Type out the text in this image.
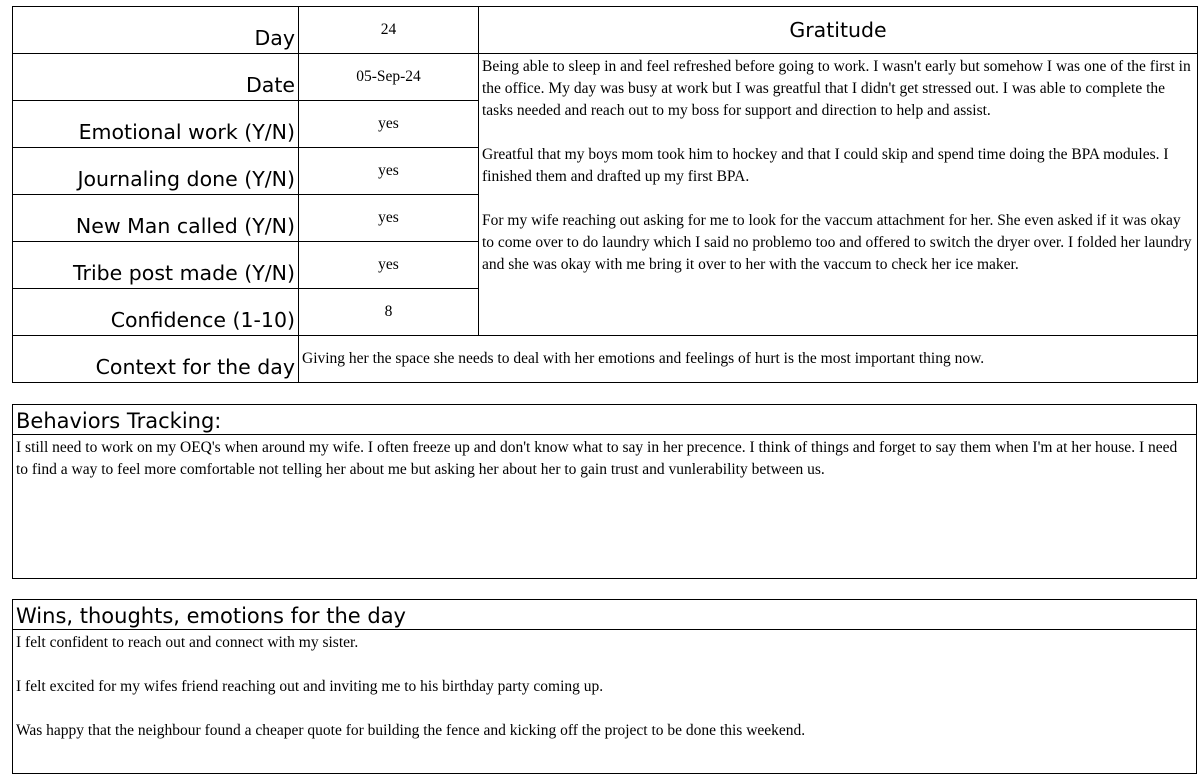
Day	24	Gratitude
Date	05-Sep-24	Being able to sleep in and feel refreshed before going to work. I wasn't early but somehow I was one of the first in the office. My day was busy at work but I was greatful that I didn't get stressed out. I was able to complete the tasks needed and reach out to my boss for support and direction to help and assist.

Greatful that my boys mom took him to hockey and that I could skip and spend time doing the BPA modules. I finished them and drafted up my first BPA.

For my wife reaching out asking for me to look for the vaccum attachment for her. She even asked if it was okay to come over to do laundry which I said no problemo too and offered to switch the dryer over. I folded her laundry and she was okay with me bring it over to her with the vaccum to check her ice maker.

Emotional work (Y/N)	yes	
Journaling done (Y/N)	yes	
New Man called (Y/N)	yes	
Tribe post made (Y/N)	yes	
Confidence (1-10)	8	
Context for the day	Giving her the space she needs to deal with her emotions and feelings of hurt is the most important thing now.	
Behaviors Tracking:

I still need to work on my OEQ's when around my wife. I often freeze up and don't know what to say in her precence. I think of things and forget to say them when I'm at her house. I need to find a way to feel more comfortable not telling her about me but asking her about her to gain trust and vunlerability between us.

Wins, thoughts, emotions for the day

I felt confident to reach out and connect with my sister.

I felt excited for my wifes friend reaching out and inviting me to his birthday party coming up.

Was happy that the neighbour found a cheaper quote for building the fence and kicking off the project to be done this weekend.
